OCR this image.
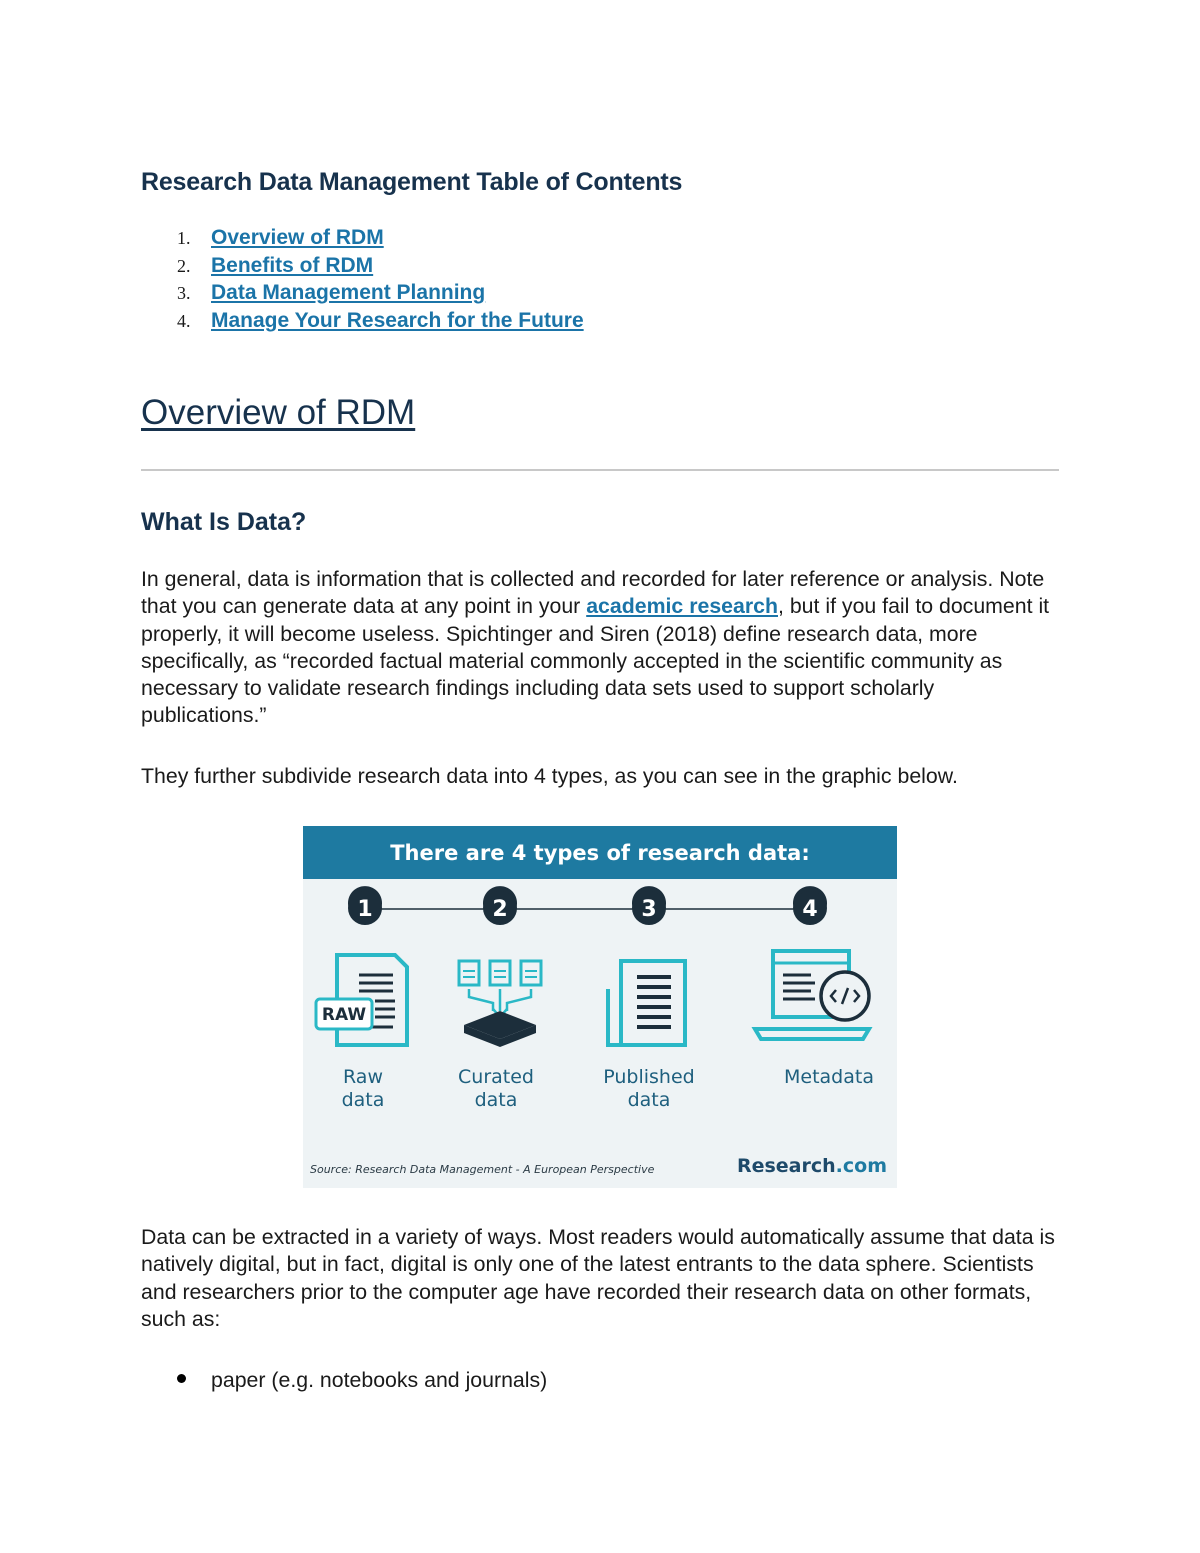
Research Data Management Table of Contents
1. Overview of RDM
2. Benefits of RDM
3. Data Management Planning
4. Manage Your Research for the Future
Overview of RDM
What Is Data?

In general, data is information that is collected and recorded for later reference or analysis. Note that you can generate data at any point in your academic research, but if you fail to document it properly, it will become useless. Spichtinger and Siren (2018) define research data, more specifically, as “recorded factual material commonly accepted in the scientific community as necessary to validate research findings including data sets used to support scholarly publications.”

They further subdivide research data into 4 types, as you can see in the graphic below.

Data can be extracted in a variety of ways. Most readers would automatically assume that data is natively digital, but in fact, digital is only one of the latest entrants to the data sphere. Scientists and researchers prior to the computer age have recorded their research data on other formats, such as:

paper (e.g. notebooks and journals)
There are 4 types of research data:
1	2	3	4
RAW
Raw
data
Curated
data
Published
data
Metadata
Source: Research Data Management - A European Perspective	Research.com
